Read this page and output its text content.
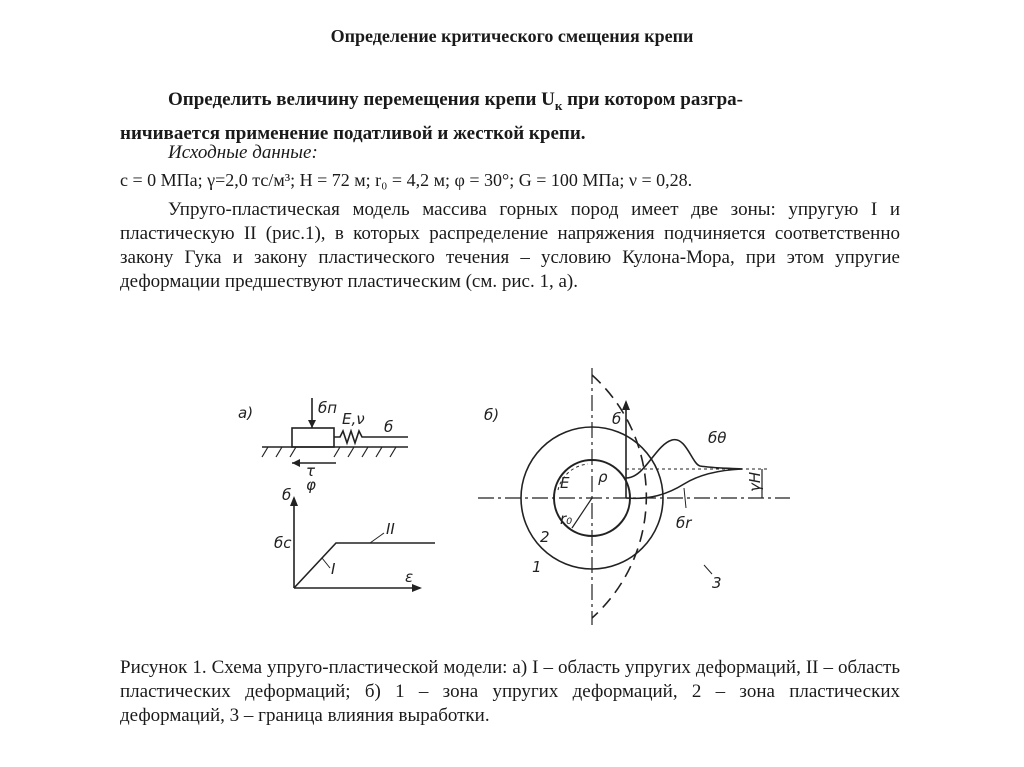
Определение критического смещения крепи
Определить величину перемещения крепи $U_к$ при котором разгра-
ничивается применение податливой и жесткой крепи.
Исходные данные:
c = 0 МПа; γ=2,0 тс/м³; H = 72 м; r₀ = 4,2 м; φ = 30°; G = 100 МПа; ν = 0,28.
Упруго-пластическая модель массива горных пород имеет две зоны: упругую I и пластическую II (рис.1), в которых распределение напряжения подчиняется соответственно закону Гука и закону пластического течения – условию Кулона-Мора, при этом упругие деформации предшествуют пластическим (см. рис. 1, а).
а)	бп
E,ν б
τ
φ
б
ε
бс
II
I
б)	б
бθ
бr
γH
r₀
E ρ
2
1
3
Рисунок 1. Схема упруго-пластической модели: а) I – область упругих деформаций, II – область пластических деформаций; б) 1 – зона упругих деформаций, 2 – зона пластических деформаций, 3 – граница влияния выработки.
